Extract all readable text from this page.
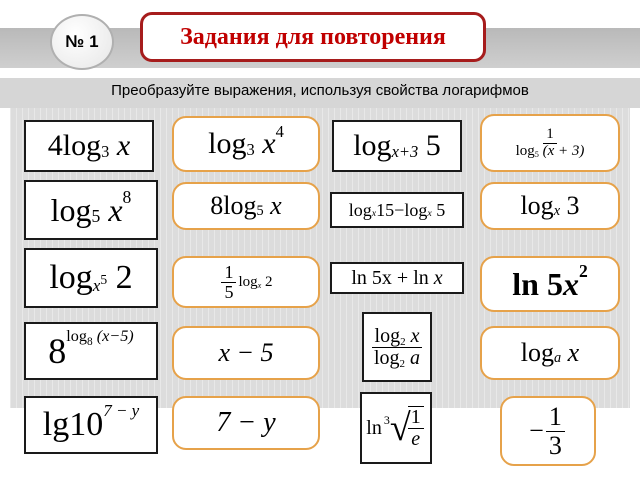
№ 1	Задания для повторения
Преобразуйте выражения, используя свойства логарифмов
4 log 3
x	log 3
x 4 log x+3
5	$\frac{1}{\log 5 (x + 3)}$
log 5
x 8	8 log 5
x	log x 15 − log x
5	log x
3
$\log x^5$
2	$\frac{1}{5}$ logx 2	ln
5x
+
ln
x ln
5 x 2
8 $\log_8 (x-5)$
x − 5	$\frac{\log 2 x}{\log 2 a}$	log a
x
lg 10 7 − y	7 − y	ln 3 √
$\frac{1}{e}$	− $\frac{1}{3}$
